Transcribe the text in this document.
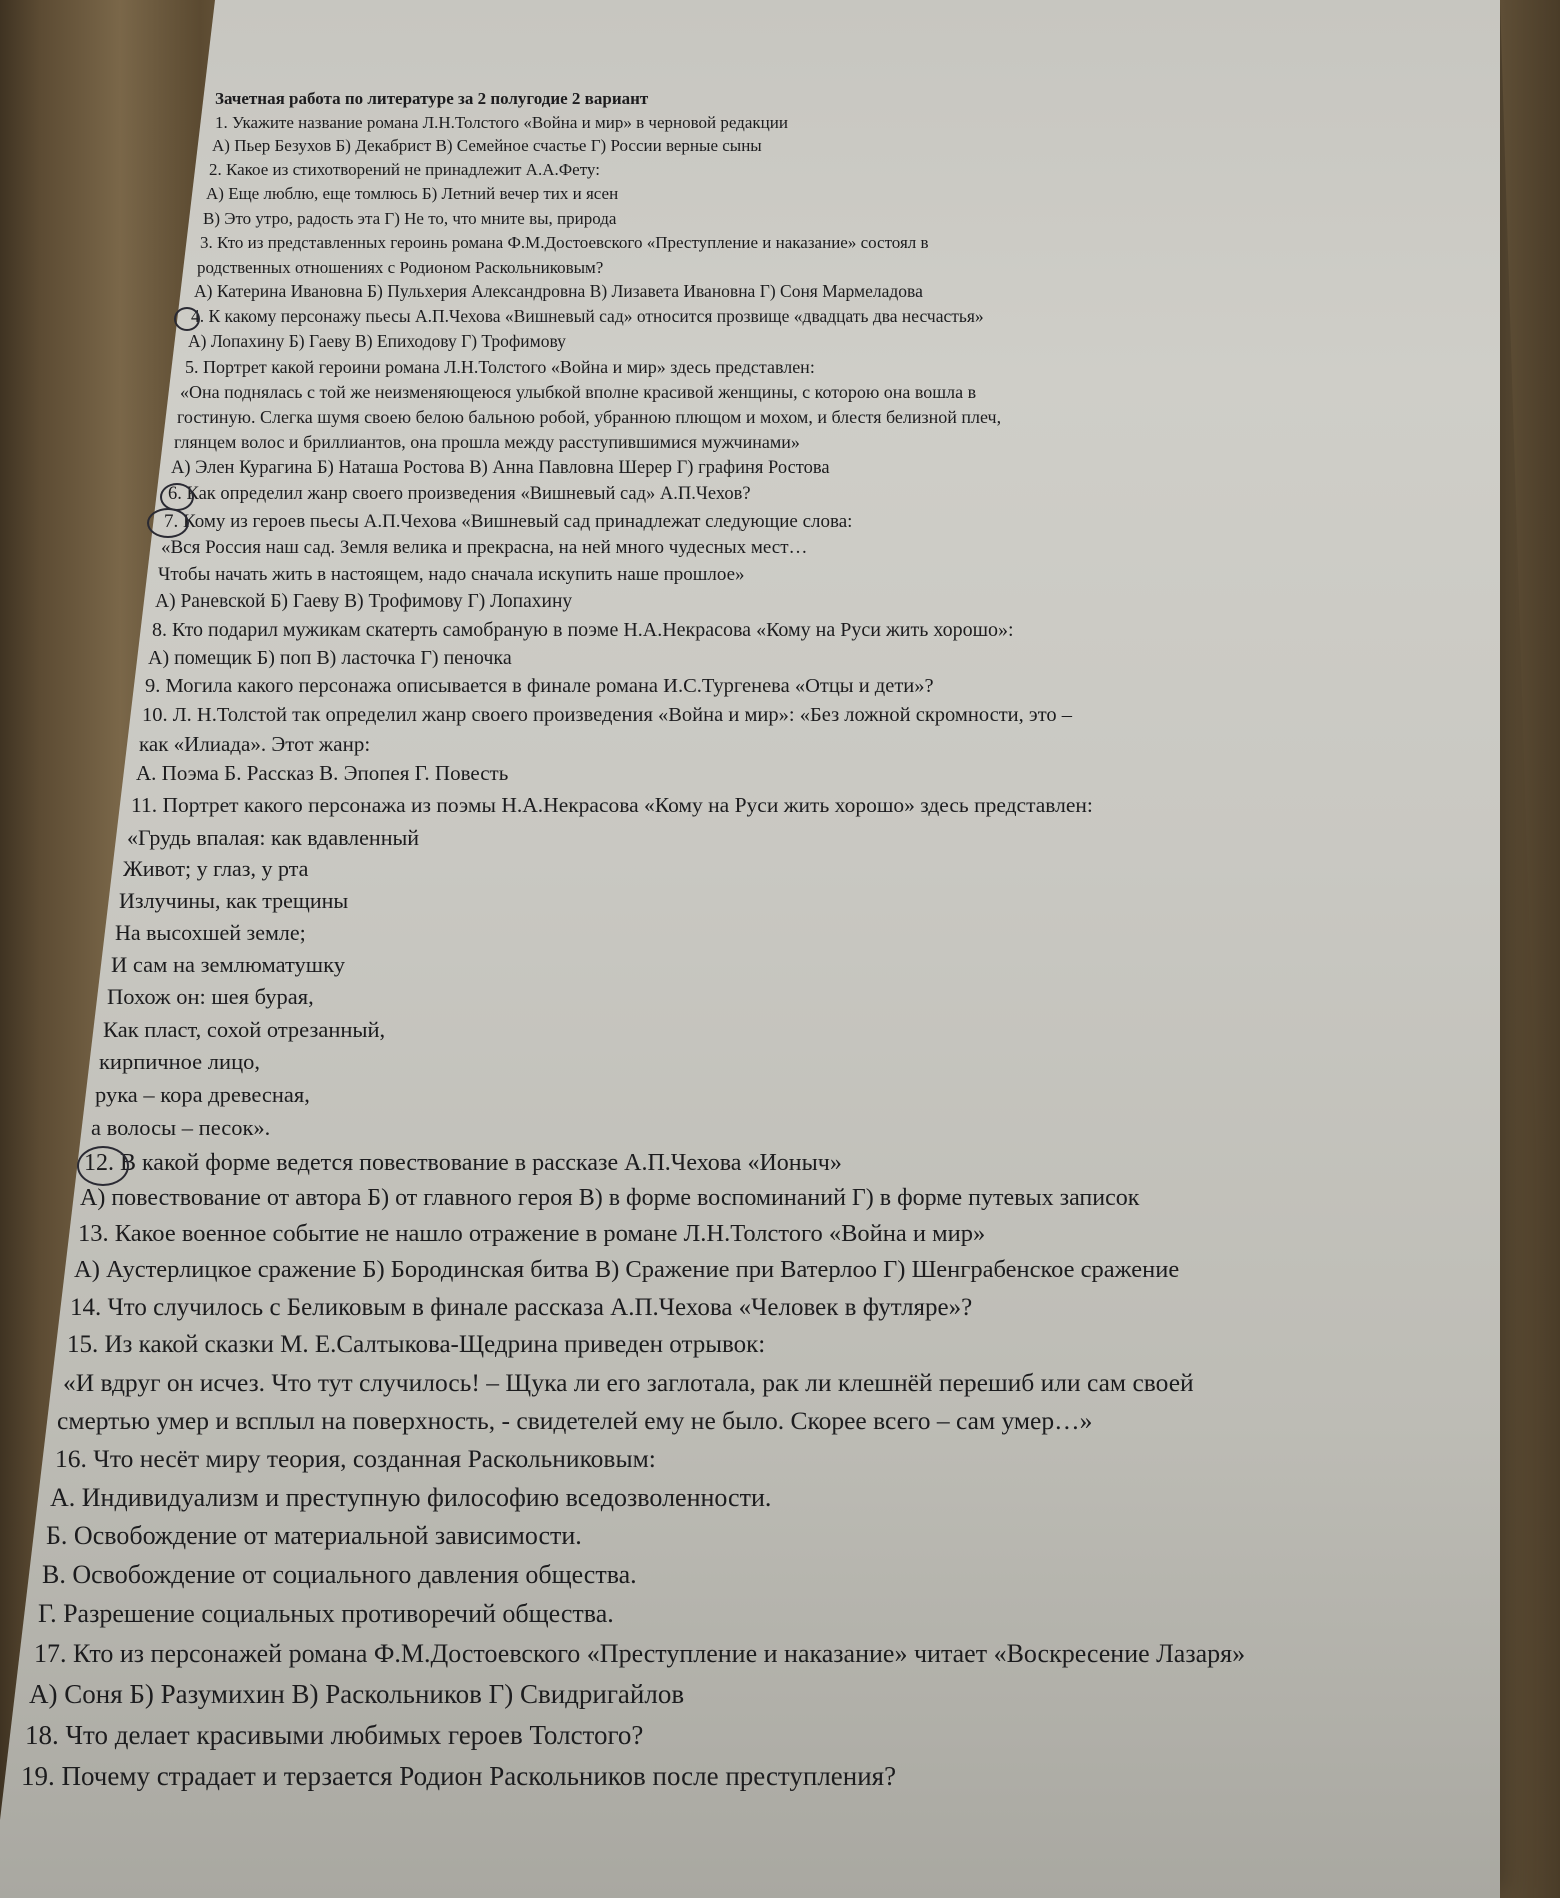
Зачетная работа по литературе за 2 полугодие 2 вариант
1. Укажите название романа Л.Н.Толстого «Война и мир» в черновой редакции
А) Пьер Безухов Б) Декабрист В) Семейное счастье Г) России верные сыны
2. Какое из стихотворений не принадлежит А.А.Фету:
А) Еще люблю, еще томлюсь Б) Летний вечер тих и ясен
В) Это утро, радость эта Г) Не то, что мните вы, природа
3. Кто из представленных героинь романа Ф.М.Достоевского «Преступление и наказание» состоял в
родственных отношениях с Родионом Раскольниковым?
А) Катерина Ивановна Б) Пульхерия Александровна В) Лизавета Ивановна Г) Соня Мармеладова
4. К какому персонажу пьесы А.П.Чехова «Вишневый сад» относится прозвище «двадцать два несчастья»
А) Лопахину Б) Гаеву В) Епиходову Г) Трофимову
5. Портрет какой героини романа Л.Н.Толстого «Война и мир» здесь представлен:
«Она поднялась с той же неизменяющеюся улыбкой вполне красивой женщины, с которою она вошла в
гостиную. Слегка шумя своею белою бальною робой, убранною плющом и мохом, и блестя белизной плеч,
глянцем волос и бриллиантов, она прошла между расступившимися мужчинами»
А) Элен Курагина Б) Наташа Ростова В) Анна Павловна Шерер Г) графиня Ростова
6. Как определил жанр своего произведения «Вишневый сад» А.П.Чехов?
7. Кому из героев пьесы А.П.Чехова «Вишневый сад принадлежат следующие слова:
«Вся Россия наш сад. Земля велика и прекрасна, на ней много чудесных мест…
Чтобы начать жить в настоящем, надо сначала искупить наше прошлое»
А) Раневской Б) Гаеву В) Трофимову Г) Лопахину
8. Кто подарил мужикам скатерть самобраную в поэме Н.А.Некрасова «Кому на Руси жить хорошо»:
А) помещик Б) поп В) ласточка Г) пеночка
9. Могила какого персонажа описывается в финале романа И.С.Тургенева «Отцы и дети»?
10. Л. Н.Толстой так определил жанр своего произведения «Война и мир»: «Без ложной скромности, это –
как «Илиада». Этот жанр:
А. Поэма Б. Рассказ В. Эпопея Г. Повесть
11. Портрет какого персонажа из поэмы Н.А.Некрасова «Кому на Руси жить хорошо» здесь представлен:
«Грудь впалая: как вдавленный
Живот; у глаз, у рта
Излучины, как трещины
На высохшей земле;
И сам на землюматушку
Похож он: шея бурая,
Как пласт, сохой отрезанный,
кирпичное лицо,
рука – кора древесная,
а волосы – песок».
12. В какой форме ведется повествование в рассказе А.П.Чехова «Ионыч»
А) повествование от автора Б) от главного героя В) в форме воспоминаний Г) в форме путевых записок
13. Какое военное событие не нашло отражение в романе Л.Н.Толстого «Война и мир»
А) Аустерлицкое сражение Б) Бородинская битва В) Сражение при Ватерлоо Г) Шенграбенское сражение
14. Что случилось с Беликовым в финале рассказа А.П.Чехова «Человек в футляре»?
15. Из какой сказки М. Е.Салтыкова-Щедрина приведен отрывок:
«И вдруг он исчез. Что тут случилось! – Щука ли его заглотала, рак ли клешнёй перешиб или сам своей
смертью умер и всплыл на поверхность, - свидетелей ему не было. Скорее всего – сам умер…»
16. Что несёт миру теория, созданная Раскольниковым:
А. Индивидуализм и преступную философию вседозволенности.
Б. Освобождение от материальной зависимости.
В. Освобождение от социального давления общества.
Г. Разрешение социальных противоречий общества.
17. Кто из персонажей романа Ф.М.Достоевского «Преступление и наказание» читает «Воскресение Лазаря»
А) Соня Б) Разумихин В) Раскольников Г) Свидригайлов
18. Что делает красивыми любимых героев Толстого?
19. Почему страдает и терзается Родион Раскольников после преступления?
